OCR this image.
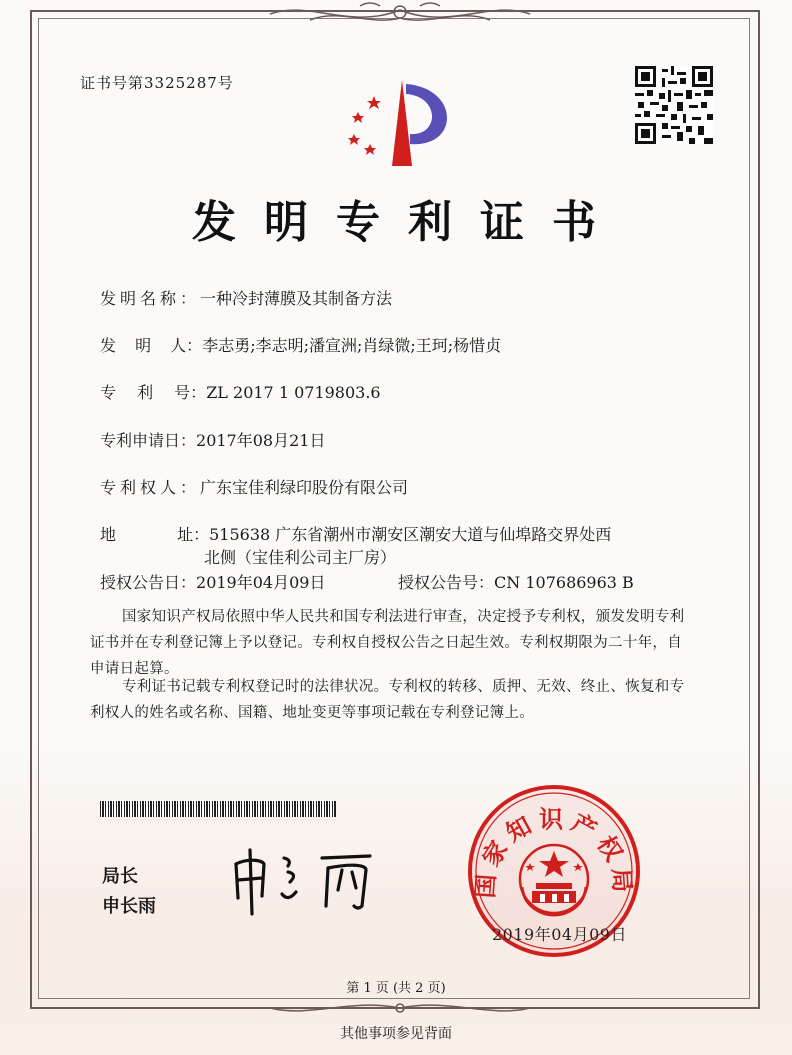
证书号第3325287号
发明专利证书
发明名称：一种冷封薄膜及其制备方法
发 明 人：李志勇;李志明;潘宣洲;肖绿微;王珂;杨惜贞
专 利 号：ZL 2017 1 0719803.6
专利申请日：2017年08月21日
专利权人：广东宝佳利绿印股份有限公司
地 址：515638 广东省潮州市潮安区潮安大道与仙埠路交界处西
北侧（宝佳利公司主厂房）
授权公告日：2019年04月09日	授权公告号：CN 107686963 B
国家知识产权局依照中华人民共和国专利法进行审查，决定授予专利权，颁发发明专利
证书并在专利登记簿上予以登记。专利权自授权公告之日起生效。专利权期限为二十年，自
申请日起算。
专利证书记载专利权登记时的法律状况。专利权的转移、质押、无效、终止、恢复和专
利权人的姓名或名称、国籍、地址变更等事项记载在专利登记簿上。
局长
申长雨
国家知识产权局
2019年04月09日
第 1 页 (共 2 页)
其他事项参见背面
